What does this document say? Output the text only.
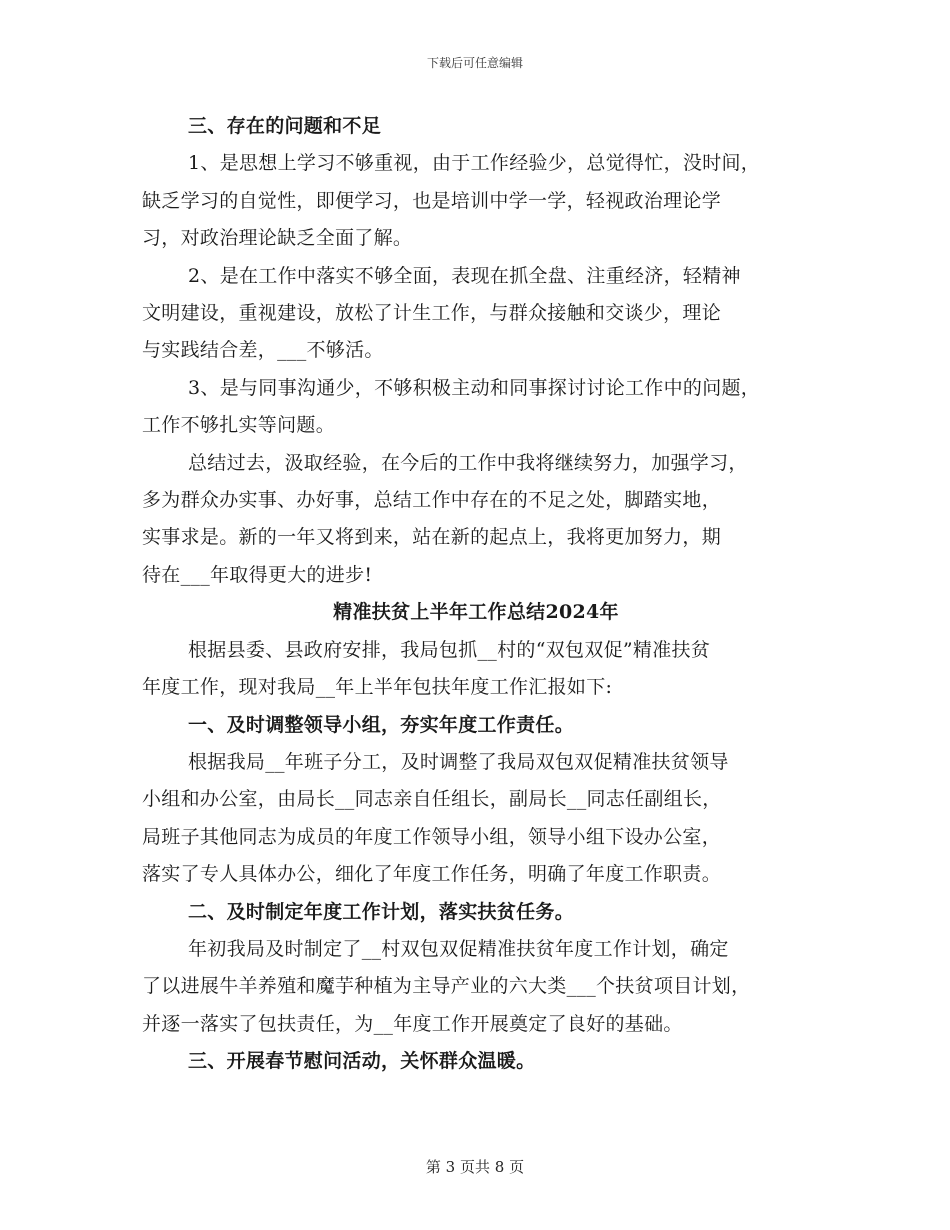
下载后可任意编辑
三、存在的问题和不足
1、是思想上学习不够重视，由于工作经验少，总觉得忙，没时间，
缺乏学习的自觉性，即便学习，也是培训中学一学，轻视政治理论学
习，对政治理论缺乏全面了解。
2、是在工作中落实不够全面，表现在抓全盘、注重经济，轻精神
文明建设，重视建设，放松了计生工作，与群众接触和交谈少，理论
与实践结合差，___不够活。
3、是与同事沟通少，不够积极主动和同事探讨讨论工作中的问题，
工作不够扎实等问题。
总结过去，汲取经验，在今后的工作中我将继续努力，加强学习，
多为群众办实事、办好事，总结工作中存在的不足之处，脚踏实地，
实事求是。新的一年又将到来，站在新的起点上，我将更加努力，期
待在___年取得更大的进步!
精准扶贫上半年工作总结2024年
根据县委、县政府安排，我局包抓__村的“双包双促”精准扶贫
年度工作，现对我局__年上半年包扶年度工作汇报如下:
一、及时调整领导小组，夯实年度工作责任。
根据我局__年班子分工，及时调整了我局双包双促精准扶贫领导
小组和办公室，由局长__同志亲自任组长，副局长__同志任副组长，
局班子其他同志为成员的年度工作领导小组，领导小组下设办公室，
落实了专人具体办公，细化了年度工作任务，明确了年度工作职责。
二、及时制定年度工作计划，落实扶贫任务。
年初我局及时制定了__村双包双促精准扶贫年度工作计划，确定
了以进展牛羊养殖和魔芋种植为主导产业的六大类___个扶贫项目计划，
并逐一落实了包扶责任，为__年度工作开展奠定了良好的基础。
三、开展春节慰问活动，关怀群众温暖。
第 3 页共 8 页
